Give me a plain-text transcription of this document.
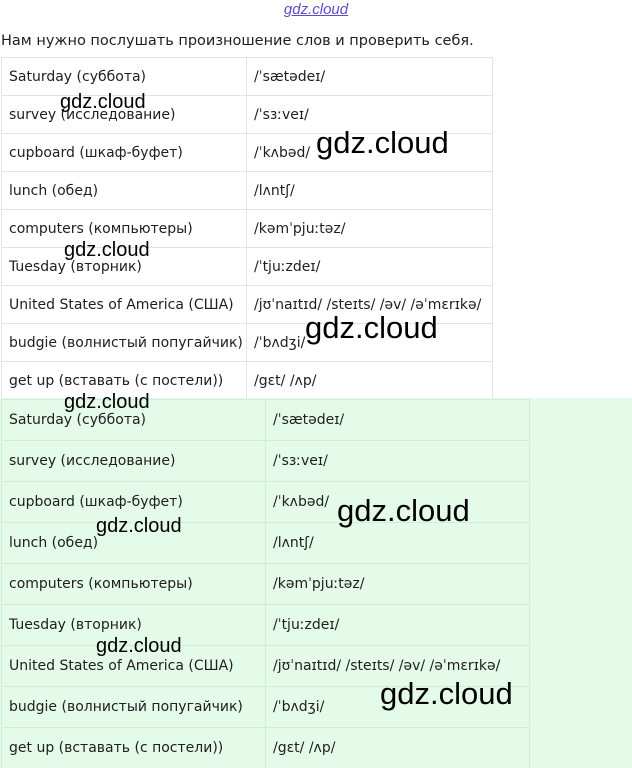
gdz.cloud
Нам нужно послушать произношение слов и проверить себя.
Saturday (суббота)	/ˈsætədeɪ/
survey (исследование)	/ˈsɜːveɪ/
cupboard (шкаф-буфет)	/ˈkʌbəd/
lunch (обед)	/lʌntʃ/
computers (компьютеры)	/kəmˈpjuːtəz/
Tuesday (вторник)	/ˈtjuːzdeɪ/
United States of America (США)	/jʊˈnaɪtɪd/ /steɪts/ /əv/ /əˈmɛrɪkə/
budgie (волнистый попугайчик)	/ˈbʌdʒi/
get up (вставать (с постели))	/gɛt/ /ʌp/
Saturday (суббота)	/ˈsætədeɪ/
survey (исследование)	/ˈsɜːveɪ/
cupboard (шкаф-буфет)	/ˈkʌbəd/
lunch (обед)	/lʌntʃ/
computers (компьютеры)	/kəmˈpjuːtəz/
Tuesday (вторник)	/ˈtjuːzdeɪ/
United States of America (США)	/jʊˈnaɪtɪd/ /steɪts/ /əv/ /əˈmɛrɪkə/
budgie (волнистый попугайчик)	/ˈbʌdʒi/
get up (вставать (с постели))	/gɛt/ /ʌp/
gdz.cloud
gdz.cloud
gdz.cloud
gdz.cloud
gdz.cloud
gdz.cloud
gdz.cloud
gdz.cloud
gdz.cloud
